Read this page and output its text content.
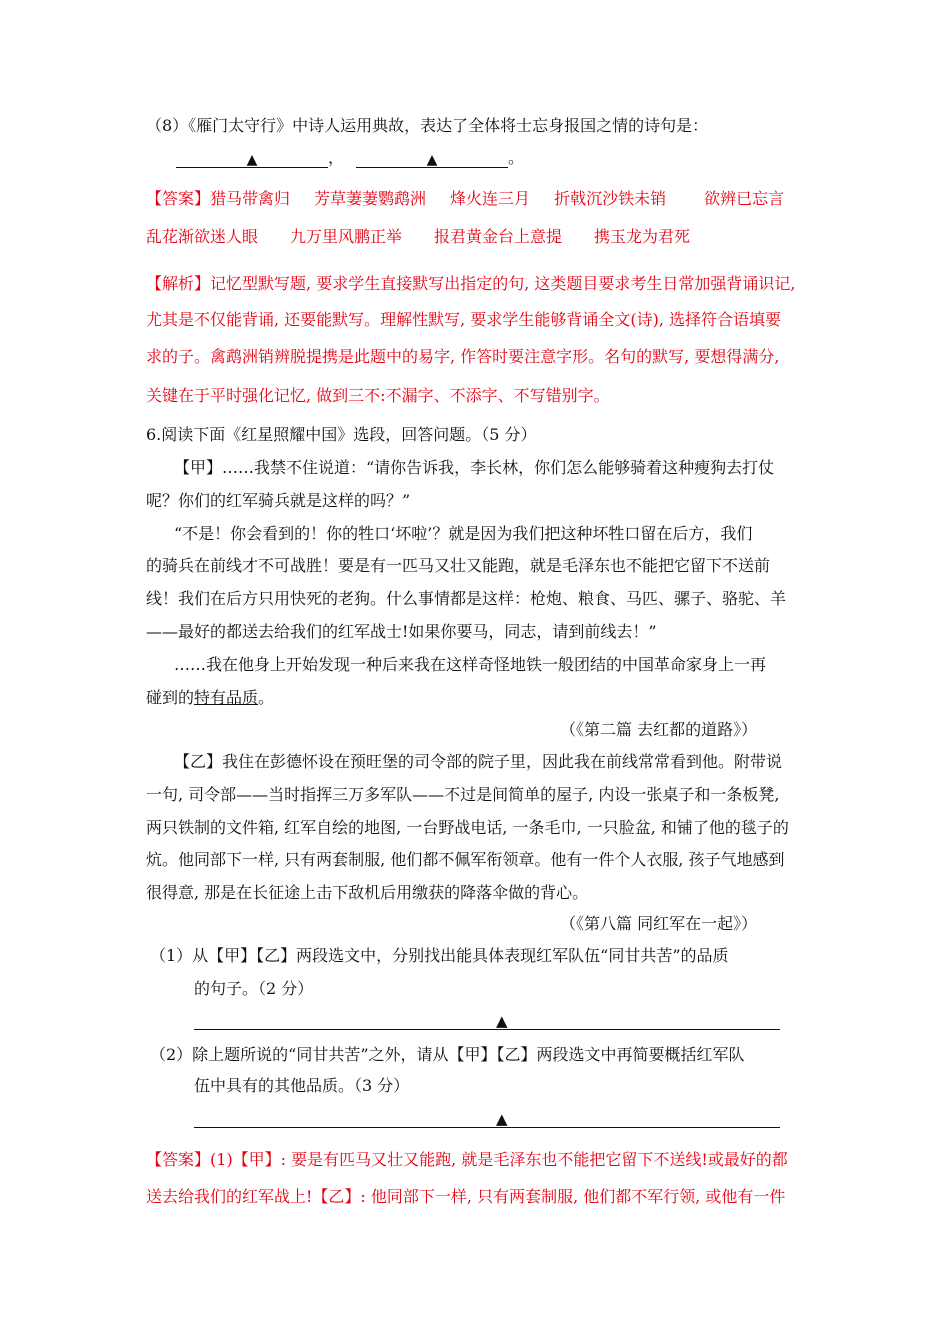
（8）《雁门太守行》中诗人运用典故，表达了全体将士忘身报国之情的诗句是：
▲	，	▲	。
【答案】猎马带禽归 芳草萋萋鹦鹉洲 烽火连三月 折戟沉沙铁未销 欲辨已忘言
乱花渐欲迷人眼 九万里风鹏正举 报君黄金台上意提 携玉龙为君死
【解析】记忆型默写题, 要求学生直接默写出指定的句, 这类题目要求考生日常加强背诵识记,
尤其是不仅能背诵, 还要能默写。理解性默写, 要求学生能够背诵全文(诗), 选择符合语填要
求的子。禽鹉洲销辨脱提携是此题中的易字, 作答时要注意字形。名句的默写, 要想得满分,
关键在于平时强化记忆, 做到三不:不漏字、不添字、不写错别字。
6.阅读下面《红星照耀中国》选段，回答问题。（5 分）
【甲】……我禁不住说道：“请你告诉我，李长林，你们怎么能够骑着这种瘦狗去打仗
呢？你们的红军骑兵就是这样的吗？”
“不是！你会看到的！你的牲口‘坏啦’？就是因为我们把这种坏牲口留在后方，我们
的骑兵在前线才不可战胜！要是有一匹马又壮又能跑，就是毛泽东也不能把它留下不送前
线！我们在后方只用快死的老狗。什么事情都是这样：枪炮、粮食、马匹、骡子、骆驼、羊
——最好的都送去给我们的红军战士!如果你要马，同志，请到前线去！”
……我在他身上开始发现一种后来我在这样奇怪地铁一般团结的中国革命家身上一再
碰到的特有品质。
（《第二篇 去红都的道路》）
【乙】我住在彭德怀设在预旺堡的司令部的院子里，因此我在前线常常看到他。附带说
一句, 司令部——当时指挥三万多军队——不过是间简单的屋子, 内设一张桌子和一条板凳,
两只铁制的文件箱, 红军自绘的地图, 一台野战电话, 一条毛巾, 一只脸盆, 和铺了他的毯子的
炕。他同部下一样, 只有两套制服, 他们都不佩军衔领章。他有一件个人衣服, 孩子气地感到
很得意, 那是在长征途上击下敌机后用缴获的降落伞做的背心。
（《第八篇 同红军在一起》）
（1）从【甲】【乙】两段选文中，分别找出能具体表现红军队伍“同甘共苦”的品质
的句子。（2 分）
▲
（2）除上题所说的“同甘共苦”之外，请从【甲】【乙】两段选文中再简要概括红军队
伍中具有的其他品质。（3 分）
▲
【答案】(1)【甲】: 要是有匹马又壮又能跑, 就是毛泽东也不能把它留下不送线!或最好的都
送去给我们的红军战上!【乙】: 他同部下一样, 只有两套制服, 他们都不军行领, 或他有一件
